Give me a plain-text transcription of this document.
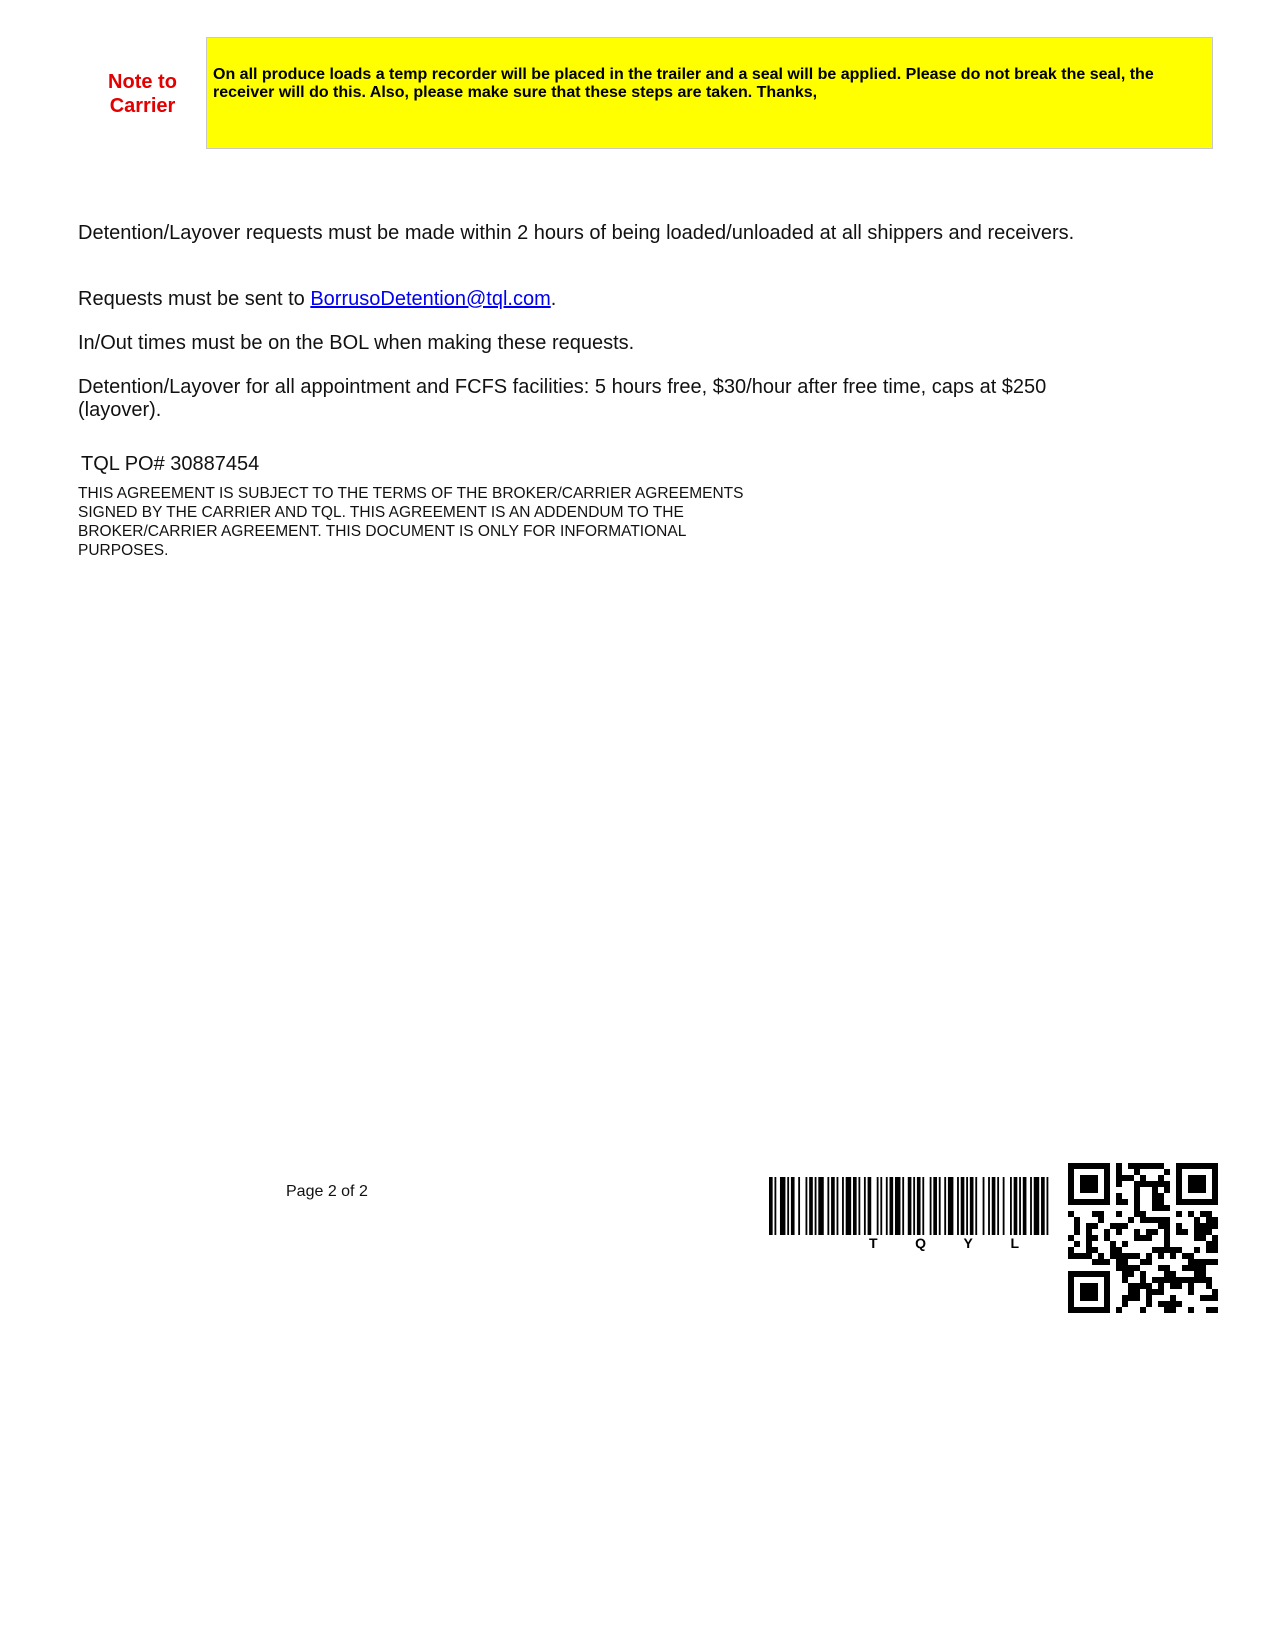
Note to Carrier
On all produce loads a temp recorder will be placed in the trailer and a seal will be applied. Please do not break the seal, the receiver will do this. Also, please make sure that these steps are taken. Thanks,
Detention/Layover requests must be made within 2 hours of being loaded/unloaded at all shippers and receivers.
Requests must be sent to BorrusoDetention@tql.com.
In/Out times must be on the BOL when making these requests.
Detention/Layover for all appointment and FCFS facilities: 5 hours free, $30/hour after free time, caps at $250 (layover).
TQL PO# 30887454
THIS AGREEMENT IS SUBJECT TO THE TERMS OF THE BROKER/CARRIER AGREEMENTS SIGNED BY THE CARRIER AND TQL. THIS AGREEMENT IS AN ADDENDUM TO THE BROKER/CARRIER AGREEMENT. THIS DOCUMENT IS ONLY FOR INFORMATIONAL PURPOSES.
Page 2 of 2
T	Q	Y	L
